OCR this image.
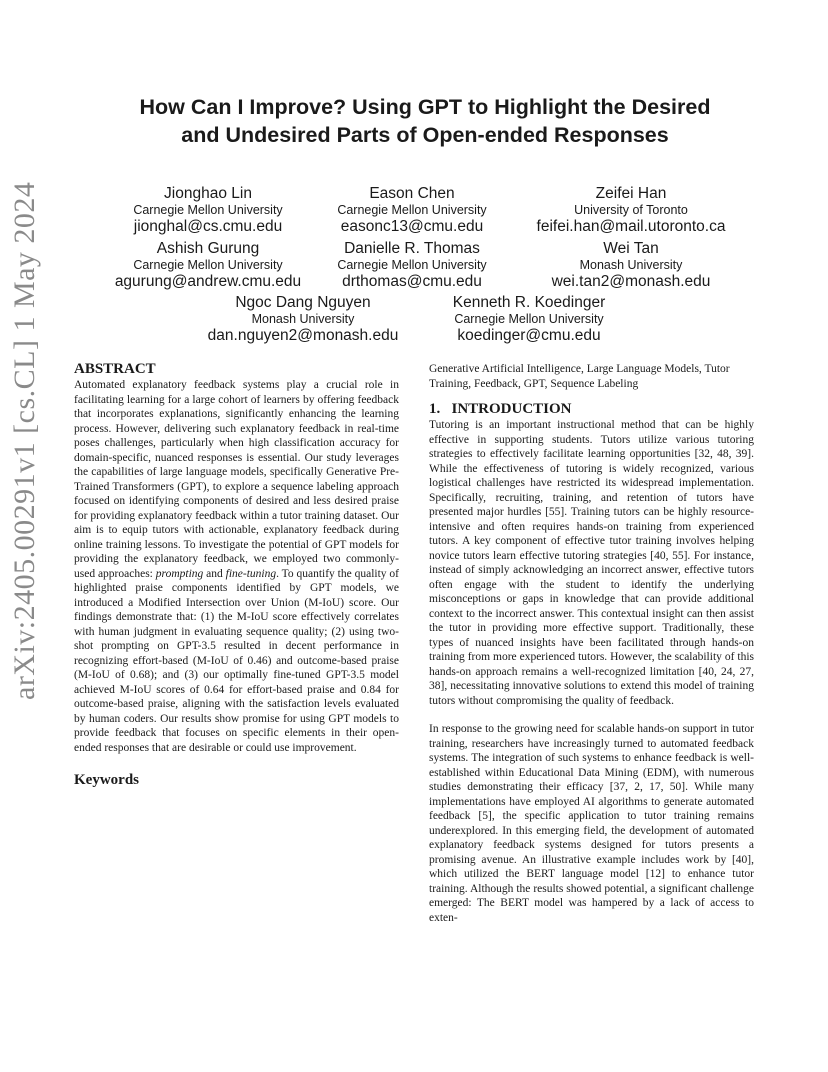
arXiv:2405.00291v1 [cs.CL] 1 May 2024
How Can I Improve? Using GPT to Highlight the Desired
and Undesired Parts of Open-ended Responses
Jionghao Lin
Carnegie Mellon University
jionghal@cs.cmu.edu
Eason Chen
Carnegie Mellon University
easonc13@cmu.edu
Zeifei Han
University of Toronto
feifei.han@mail.utoronto.ca
Ashish Gurung
Carnegie Mellon University
agurung@andrew.cmu.edu
Danielle R. Thomas
Carnegie Mellon University
drthomas@cmu.edu
Wei Tan
Monash University
wei.tan2@monash.edu
Ngoc Dang Nguyen
Monash University
dan.nguyen2@monash.edu
Kenneth R. Koedinger
Carnegie Mellon University
koedinger@cmu.edu
ABSTRACT

Automated explanatory feedback systems play a crucial role in facilitating learning for a large cohort of learners by offering feedback that incorporates explanations, significantly enhancing the learning process. However, delivering such explanatory feedback in real-time poses challenges, particularly when high classification accuracy for domain-specific, nuanced responses is essential. Our study leverages the capabilities of large language models, specifically Generative Pre-Trained Transformers (GPT), to explore a sequence labeling approach focused on identifying components of desired and less desired praise for providing explanatory feedback within a tutor training dataset. Our aim is to equip tutors with actionable, explanatory feedback during online training lessons. To investigate the potential of GPT models for providing the explanatory feedback, we employed two commonly-used approaches: prompting and fine-tuning. To quantify the quality of highlighted praise components identified by GPT models, we introduced a Modified Intersection over Union (M-IoU) score. Our findings demonstrate that: (1) the M-IoU score effectively correlates with human judgment in evaluating sequence quality; (2) using two-shot prompting on GPT-3.5 resulted in decent performance in recognizing effort-based (M-IoU of 0.46) and outcome-based praise (M-IoU of 0.68); and (3) our optimally fine-tuned GPT-3.5 model achieved M-IoU scores of 0.64 for effort-based praise and 0.84 for outcome-based praise, aligning with the satisfaction levels evaluated by human coders. Our results show promise for using GPT models to provide feedback that focuses on specific elements in their open-ended responses that are desirable or could use improvement.

Keywords

Generative Artificial Intelligence, Large Language Models, Tutor Training, Feedback, GPT, Sequence Labeling

1.   INTRODUCTION

Tutoring is an important instructional method that can be highly effective in supporting students. Tutors utilize various tutoring strategies to effectively facilitate learning opportunities [32, 48, 39]. While the effectiveness of tutoring is widely recognized, various logistical challenges have restricted its widespread implementation. Specifically, recruiting, training, and retention of tutors have presented major hurdles [55]. Training tutors can be highly resource-intensive and often requires hands-on training from experienced tutors. A key component of effective tutor training involves helping novice tutors learn effective tutoring strategies [40, 55]. For instance, instead of simply acknowledging an incorrect answer, effective tutors often engage with the student to identify the underlying misconceptions or gaps in knowledge that can provide additional context to the incorrect answer. This contextual insight can then assist the tutor in providing more effective support. Traditionally, these types of nuanced insights have been facilitated through hands-on training from more experienced tutors. However, the scalability of this hands-on approach remains a well-recognized limitation [40, 24, 27, 38], necessitating innovative solutions to extend this model of training tutors without compromising the quality of feedback.

In response to the growing need for scalable hands-on support in tutor training, researchers have increasingly turned to automated feedback systems. The integration of such systems to enhance feedback is well-established within Educational Data Mining (EDM), with numerous studies demonstrating their efficacy [37, 2, 17, 50]. While many implementations have employed AI algorithms to generate automated feedback [5], the specific application to tutor training remains underexplored. In this emerging field, the development of automated explanatory feedback systems designed for tutors presents a promising avenue. An illustrative example includes work by [40], which utilized the BERT language model [12] to enhance tutor training. Although the results showed potential, a significant challenge emerged: The BERT model was hampered by a lack of access to exten-
